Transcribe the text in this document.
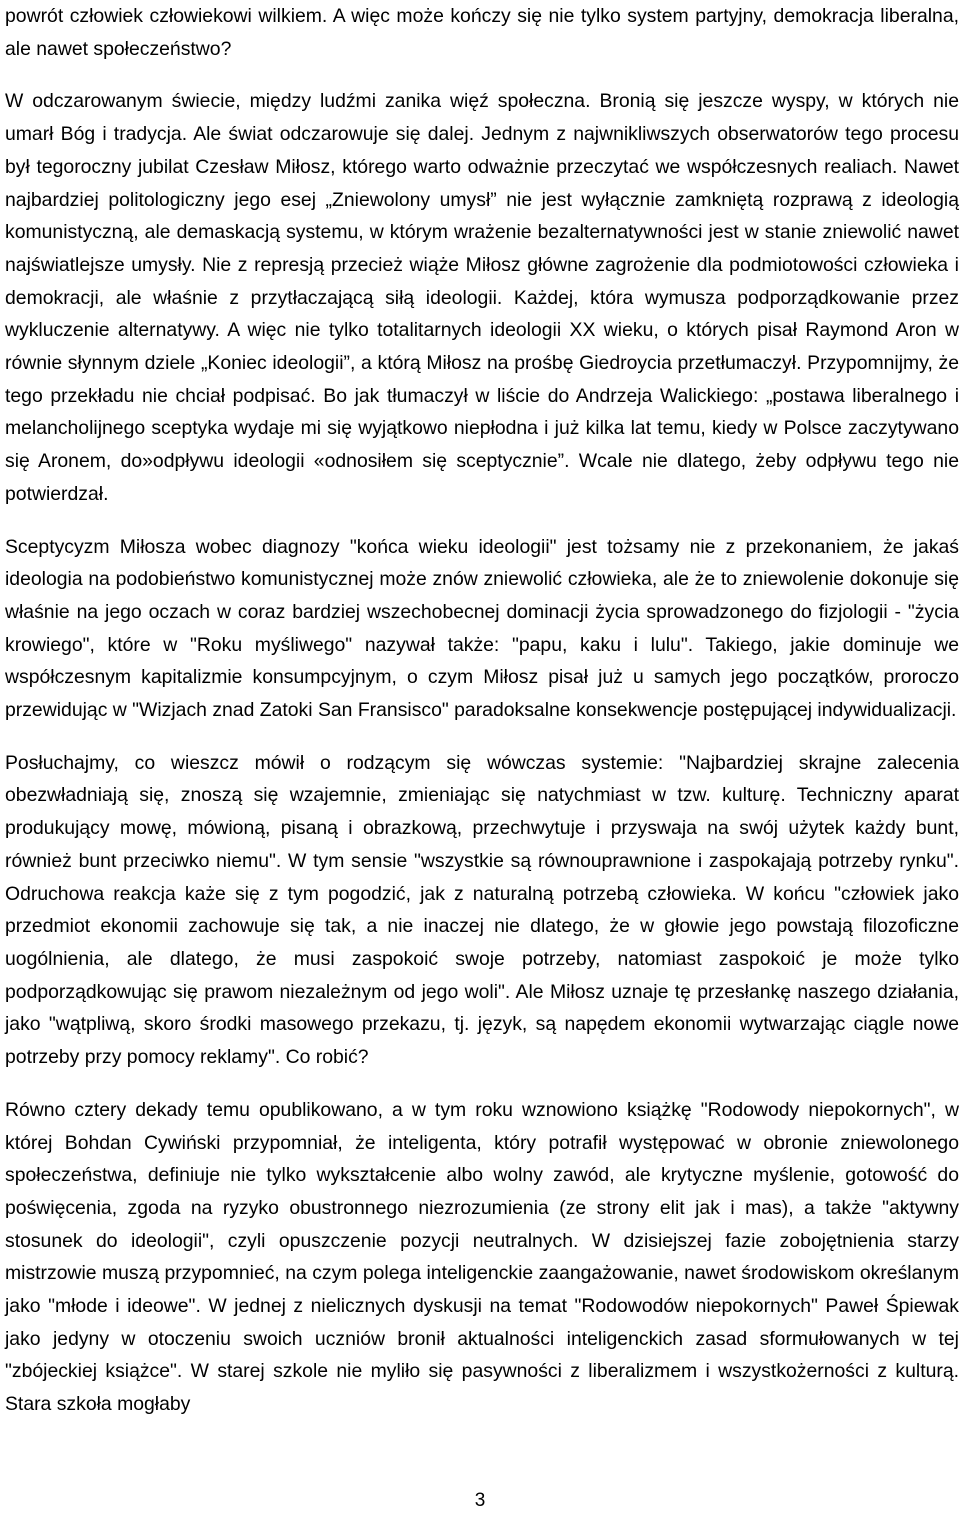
powrót człowiek człowiekowi wilkiem. A więc może kończy się nie tylko system partyjny, demokracja liberalna, ale nawet społeczeństwo?

W odczarowanym świecie, między ludźmi zanika więź społeczna. Bronią się jeszcze wyspy, w których nie umarł Bóg i tradycja. Ale świat odczarowuje się dalej. Jednym z najwnikliwszych obserwatorów tego procesu był tegoroczny jubilat Czesław Miłosz, którego warto odważnie przeczytać we współczesnych realiach. Nawet najbardziej politologiczny jego esej „Zniewolony umysł” nie jest wyłącznie zamkniętą rozprawą z ideologią komunistyczną, ale demaskacją systemu, w którym wrażenie bezalternatywności jest w stanie zniewolić nawet najświatlejsze umysły. Nie z represją przecież wiąże Miłosz główne zagrożenie dla podmiotowości człowieka i demokracji, ale właśnie z przytłaczającą siłą ideologii. Każdej, która wymusza podporządkowanie przez wykluczenie alternatywy. A więc nie tylko totalitarnych ideologii XX wieku, o których pisał Raymond Aron w równie słynnym dziele „Koniec ideologii”, a którą Miłosz na prośbę Giedroycia przetłumaczył. Przypomnijmy, że tego przekładu nie chciał podpisać. Bo jak tłumaczył w liście do Andrzeja Walickiego: „postawa liberalnego i melancholijnego sceptyka wydaje mi się wyjątkowo niepłodna i już kilka lat temu, kiedy w Polsce zaczytywano się Aronem, do»odpływu ideologii «odnosiłem się sceptycznie”. Wcale nie dlatego, żeby odpływu tego nie potwierdzał.

Sceptycyzm Miłosza wobec diagnozy "końca wieku ideologii" jest tożsamy nie z przekonaniem, że jakaś ideologia na podobieństwo komunistycznej może znów zniewolić człowieka, ale że to zniewolenie dokonuje się właśnie na jego oczach w coraz bardziej wszechobecnej dominacji życia sprowadzonego do fizjologii - "życia krowiego", które w "Roku myśliwego" nazywał także: "papu, kaku i lulu". Takiego, jakie dominuje we współczesnym kapitalizmie konsumpcyjnym, o czym Miłosz pisał już u samych jego początków, proroczo przewidując w "Wizjach znad Zatoki San Fransisco" paradoksalne konsekwencje postępującej indywidualizacji.

Posłuchajmy, co wieszcz mówił o rodzącym się wówczas systemie: "Najbardziej skrajne zalecenia obezwładniają się, znoszą się wzajemnie, zmieniając się natychmiast w tzw. kulturę. Techniczny aparat produkujący mowę, mówioną, pisaną i obrazkową, przechwytuje i przyswaja na swój użytek każdy bunt, również bunt przeciwko niemu". W tym sensie "wszystkie są równouprawnione i zaspokajają potrzeby rynku". Odruchowa reakcja każe się z tym pogodzić, jak z naturalną potrzebą człowieka. W końcu "człowiek jako przedmiot ekonomii zachowuje się tak, a nie inaczej nie dlatego, że w głowie jego powstają filozoficzne uogólnienia, ale dlatego, że musi zaspokoić swoje potrzeby, natomiast zaspokoić je może tylko podporządkowując się prawom niezależnym od jego woli". Ale Miłosz uznaje tę przesłankę naszego działania, jako "wątpliwą, skoro środki masowego przekazu, tj. język, są napędem ekonomii wytwarzając ciągle nowe potrzeby przy pomocy reklamy". Co robić?

Równo cztery dekady temu opublikowano, a w tym roku wznowiono książkę "Rodowody niepokornych", w której Bohdan Cywiński przypomniał, że inteligenta, który potrafił występować w obronie zniewolonego społeczeństwa, definiuje nie tylko wykształcenie albo wolny zawód, ale krytyczne myślenie, gotowość do poświęcenia, zgoda na ryzyko obustronnego niezrozumienia (ze strony elit jak i mas), a także "aktywny stosunek do ideologii", czyli opuszczenie pozycji neutralnych. W dzisiejszej fazie zobojętnienia starzy mistrzowie muszą przypomnieć, na czym polega inteligenckie zaangażowanie, nawet środowiskom określanym jako "młode i ideowe". W jednej z nielicznych dyskusji na temat "Rodowodów niepokornych" Paweł Śpiewak jako jedyny w otoczeniu swoich uczniów bronił aktualności inteligenckich zasad sformułowanych w tej "zbójeckiej książce". W starej szkole nie myliło się pasywności z liberalizmem i wszystkożerności z kulturą. Stara szkoła mogłaby

3
